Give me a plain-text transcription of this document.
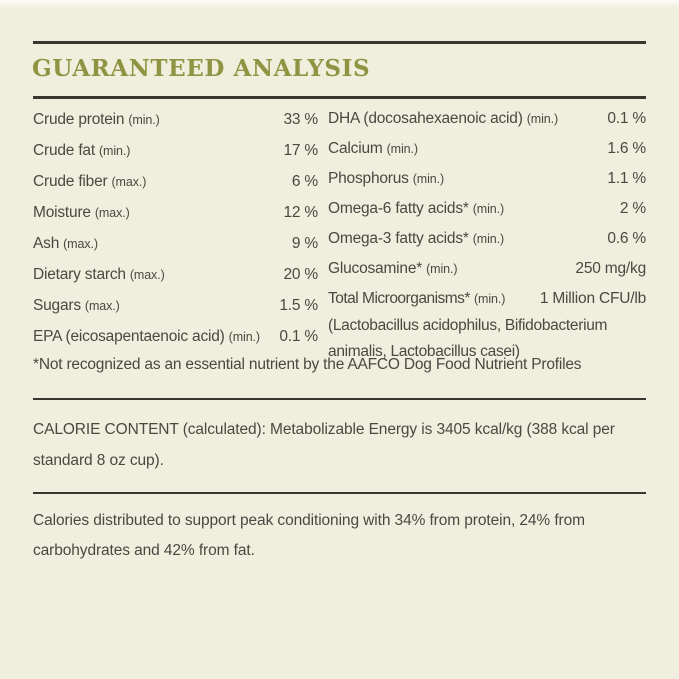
GUARANTEED ANALYSIS
Crude protein (min.)	33 %
Crude fat (min.)	17 %
Crude fiber (max.)	6 %
Moisture (max.)	12 %
Ash (max.)	9 %
Dietary starch (max.)	20 %
Sugars (max.)	1.5 %
EPA (eicosapentaenoic acid) (min.) 0.1 %
DHA (docosahexaenoic acid) (min.)	0.1 %
Calcium (min.)	1.6 %
Phosphorus (min.)	1.1 %
Omega-6 fatty acids* (min.)	2 %
Omega-3 fatty acids* (min.)	0.6 %
Glucosamine* (min.)	250 mg/kg
Total Microorganisms* (min.) 1 Million CFU/lb
(Lactobacillus acidophilus, Bifidobacterium animalis, Lactobacillus casei)

*Not recognized as an essential nutrient by the AAFCO Dog Food Nutrient Profiles

CALORIE CONTENT (calculated): Metabolizable Energy is 3405 kcal/kg (388 kcal per standard 8 oz cup).

Calories distributed to support peak conditioning with 34% from protein, 24% from carbohydrates and 42% from fat.
